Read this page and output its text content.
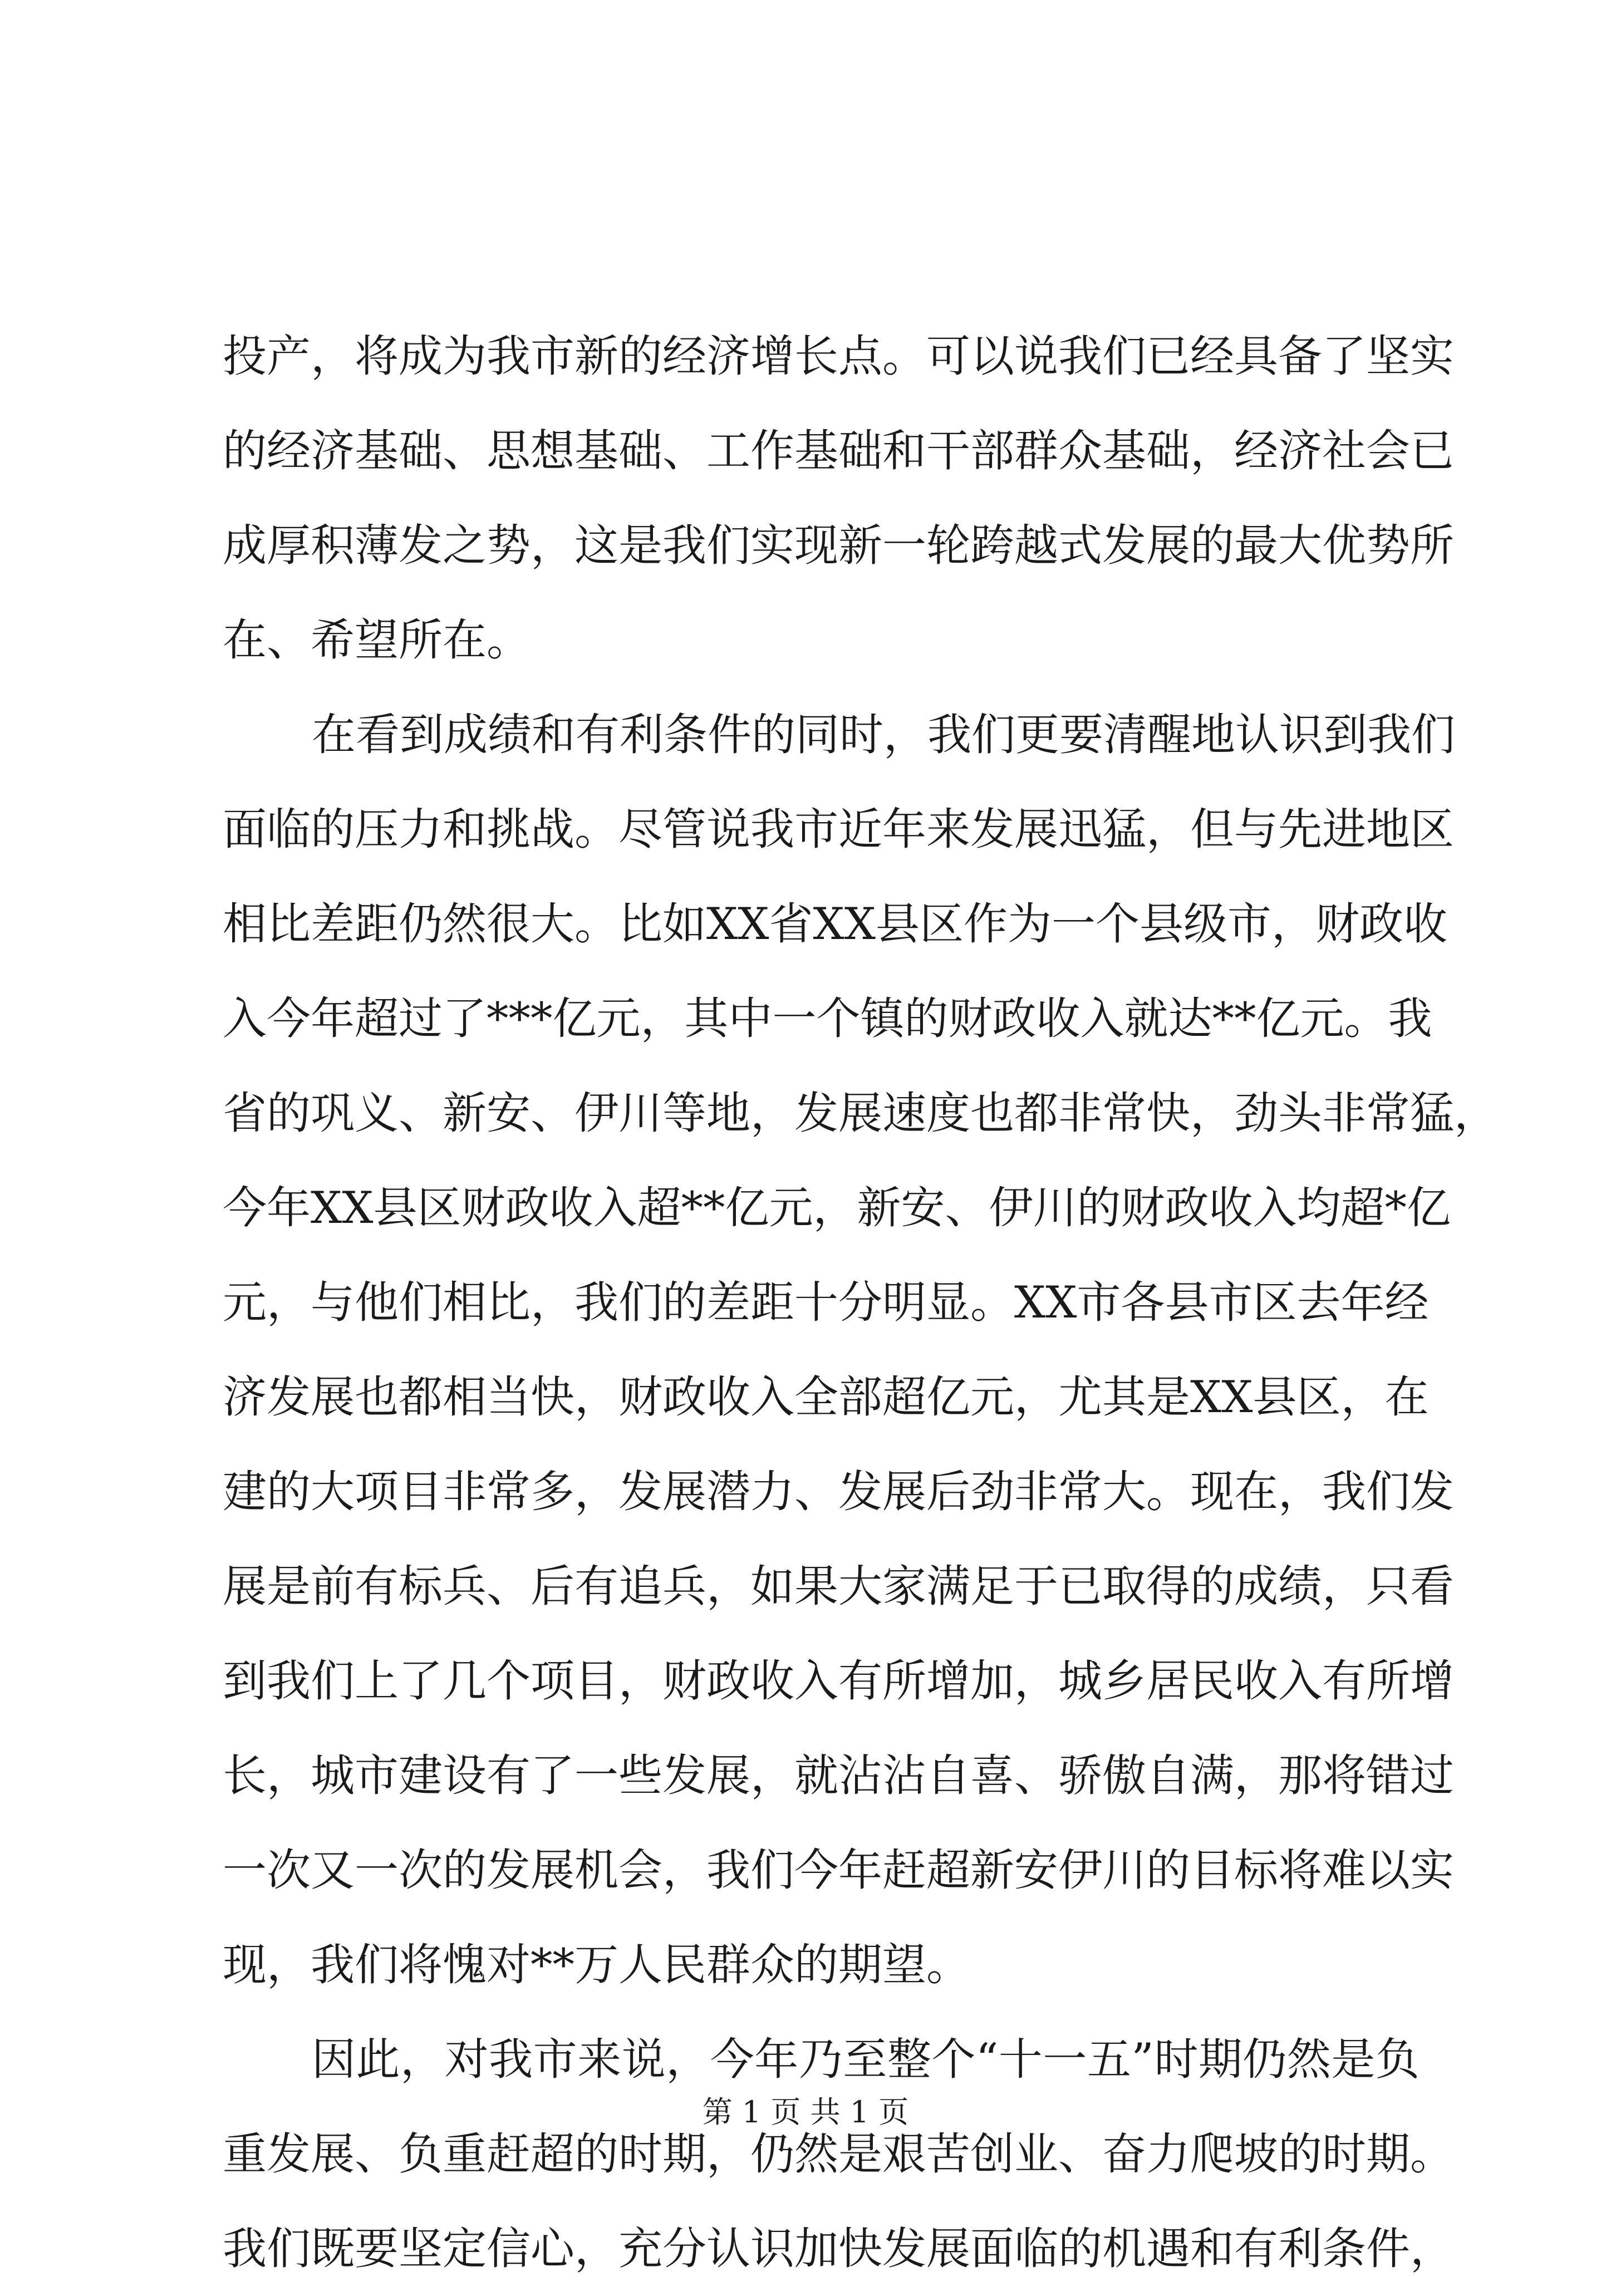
投产，将成为我市新的经济增长点。可以说我们已经具备了坚实
的经济基础、思想基础、工作基础和干部群众基础，经济社会已
成厚积薄发之势，这是我们实现新一轮跨越式发展的最大优势所
在、希望所在。
在看到成绩和有利条件的同时，我们更要清醒地认识到我们
面临的压力和挑战。尽管说我市近年来发展迅猛，但与先进地区
相比差距仍然很大。比如XX省XX县区作为一个县级市，财政收
入今年超过了***亿元，其中一个镇的财政收入就达**亿元。我
省的巩义、新安、伊川等地，发展速度也都非常快，劲头非常猛，
今年XX县区财政收入超**亿元，新安、伊川的财政收入均超*亿
元，与他们相比，我们的差距十分明显。XX市各县市区去年经
济发展也都相当快，财政收入全部超亿元，尤其是XX县区，在
建的大项目非常多，发展潜力、发展后劲非常大。现在，我们发
展是前有标兵、后有追兵，如果大家满足于已取得的成绩，只看
到我们上了几个项目，财政收入有所增加，城乡居民收入有所增
长，城市建设有了一些发展，就沾沾自喜、骄傲自满，那将错过
一次又一次的发展机会，我们今年赶超新安伊川的目标将难以实
现，我们将愧对**万人民群众的期望。
因此，对我市来说，今年乃至整个“十一五”时期仍然是负
重发展、负重赶超的时期，仍然是艰苦创业、奋力爬坡的时期。
我们既要坚定信心，充分认识加快发展面临的机遇和有利条件，
第 1 页 共 1 页
